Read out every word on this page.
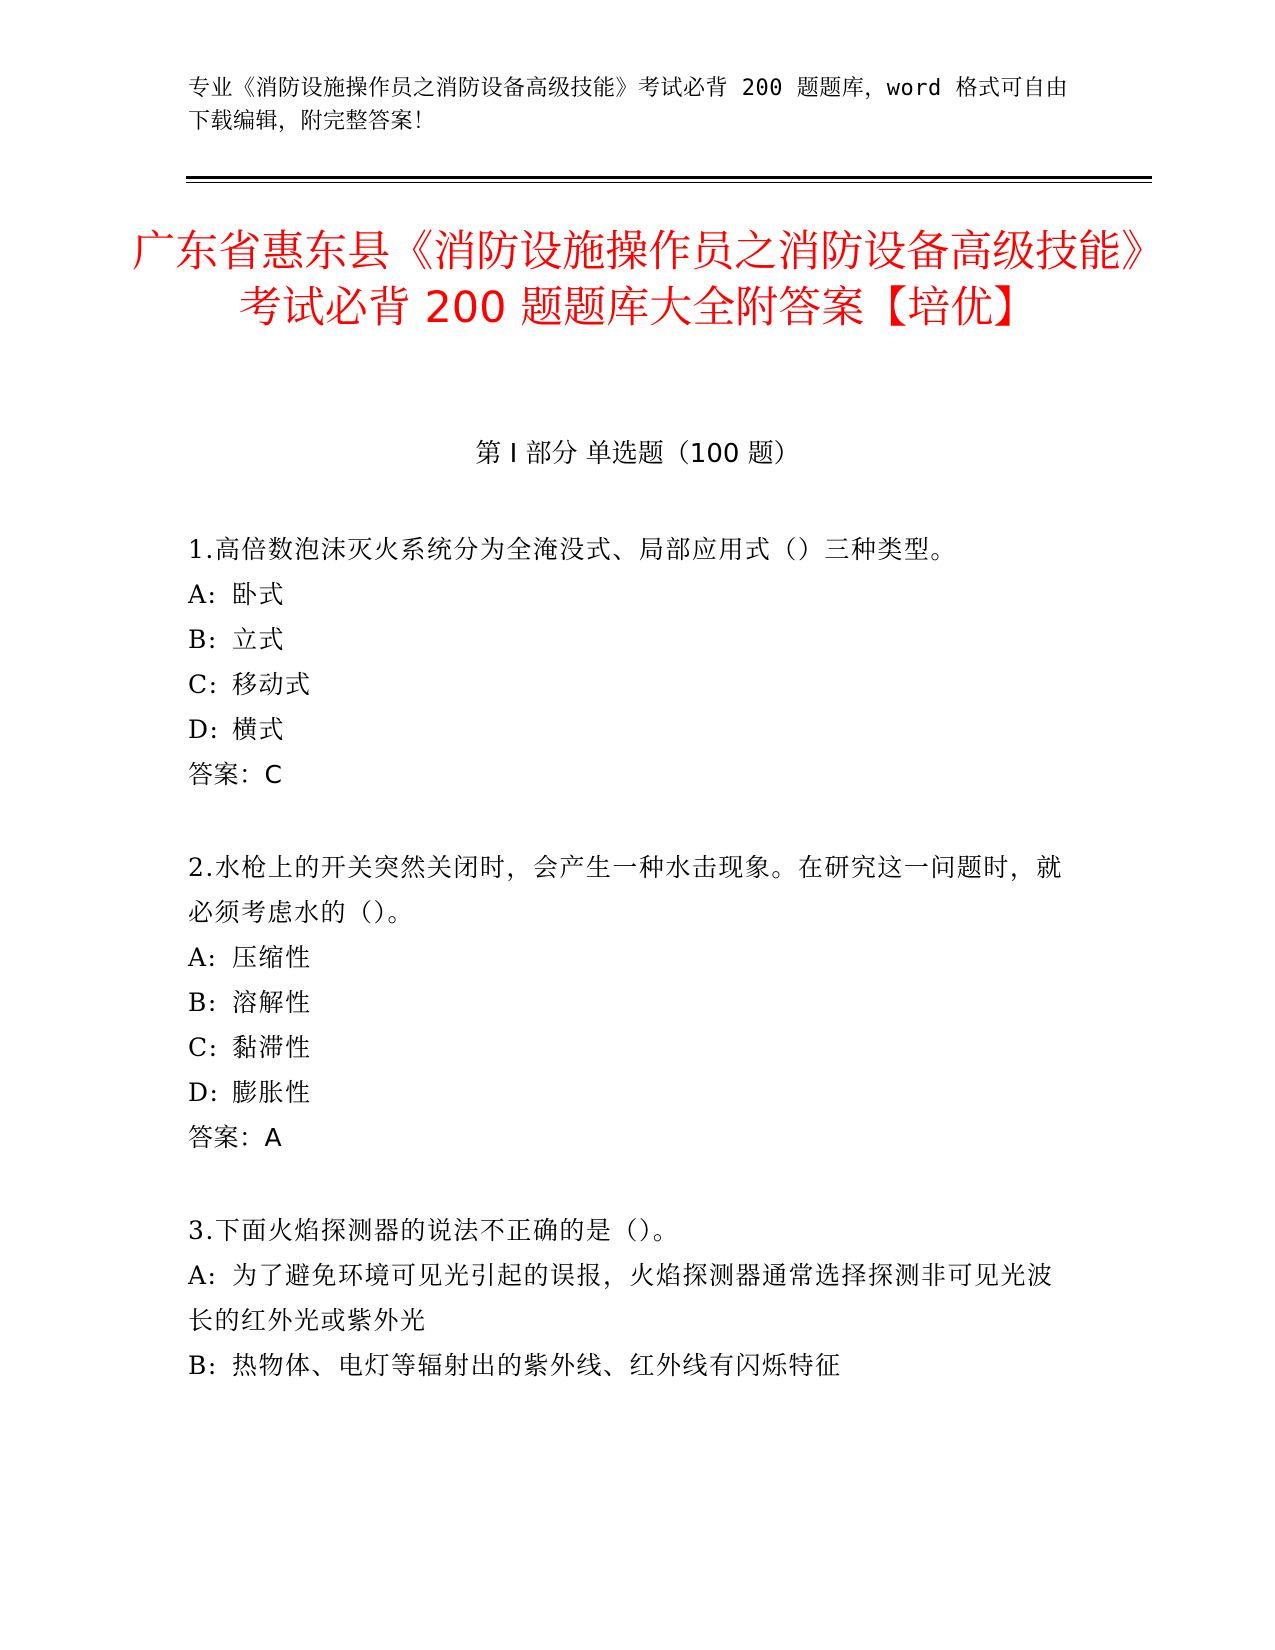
专业《消防设施操作员之消防设备高级技能》考试必背 200 题题库，word 格式可自由下载编辑，附完整答案！
广东省惠东县《消防设施操作员之消防设备高级技能》考试必背 200 题题库大全附答案【培优】
第 I 部分 单选题（100 题）
1.高倍数泡沫灭火系统分为全淹没式、局部应用式（）三种类型。
A: 卧式
B: 立式
C: 移动式
D: 横式
答案：C
2.水枪上的开关突然关闭时，会产生一种水击现象。在研究这一问题时，就必须考虑水的（）。
A: 压缩性
B: 溶解性
C: 黏滞性
D: 膨胀性
答案：A
3.下面火焰探测器的说法不正确的是（）。
A: 为了避免环境可见光引起的误报，火焰探测器通常选择探测非可见光波长的红外光或紫外光
B: 热物体、电灯等辐射出的紫外线、红外线有闪烁特征
